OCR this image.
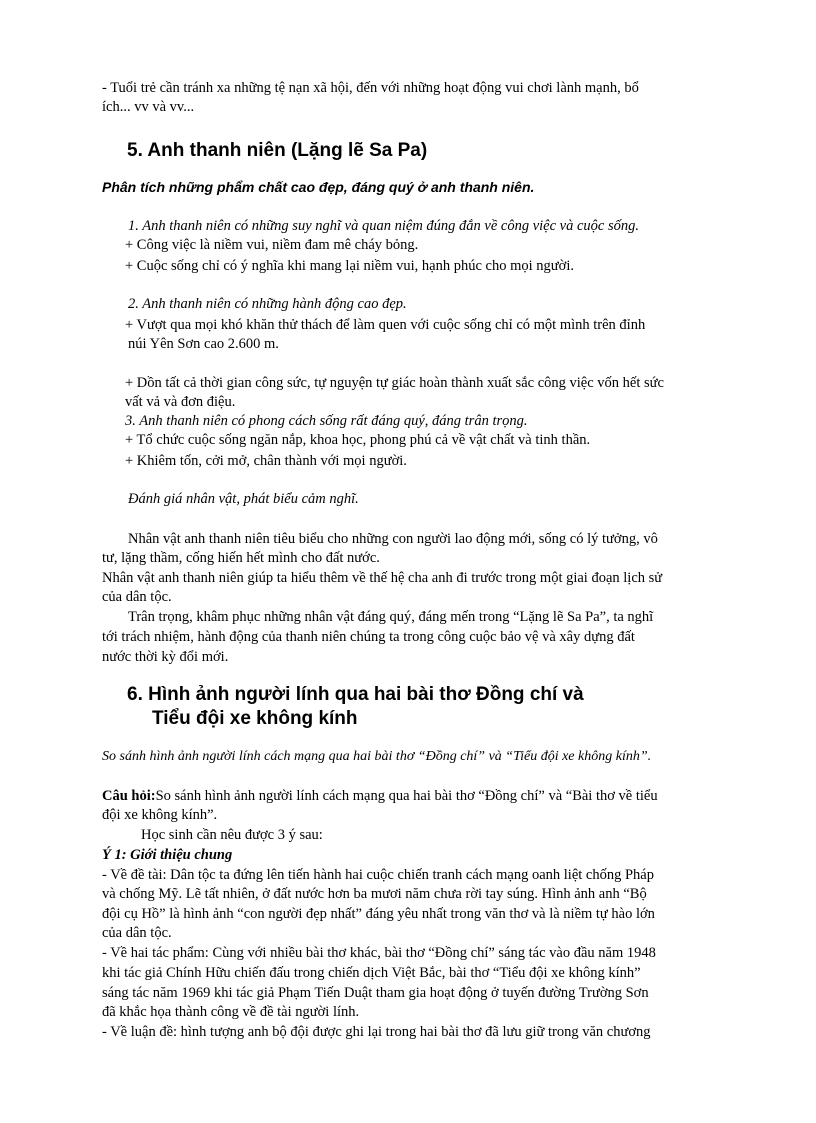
- Tuổi trẻ cần tránh xa những tệ nạn xã hội, đến với những hoạt động vui chơi lành mạnh, bổ
ích... vv và vv...
5. Anh thanh niên (Lặng lẽ Sa Pa)
Phân tích những phẩm chất cao đẹp, đáng quý ở anh thanh niên.
1. Anh thanh niên có những suy nghĩ và quan niệm đúng đắn về công việc và cuộc sống.
+ Công việc là niềm vui, niềm đam mê cháy bỏng.
+ Cuộc sống chỉ có ý nghĩa khi mang lại niềm vui, hạnh phúc cho mọi người.
2. Anh thanh niên có những hành động cao đẹp.
+ Vượt qua mọi khó khăn thử thách để làm quen với cuộc sống chỉ có một mình trên đỉnh
núi Yên Sơn cao 2.600 m.
+ Dồn tất cả thời gian công sức, tự nguyện tự giác hoàn thành xuất sắc công việc vốn hết sức
vất vả và đơn điệu.
3. Anh thanh niên có phong cách sống rất đáng quý, đáng trân trọng.
+ Tổ chức cuộc sống ngăn nắp, khoa học, phong phú cả về vật chất và tinh thần.
+ Khiêm tốn, cởi mở, chân thành với mọi người.
Đánh giá nhân vật, phát biểu cảm nghĩ.
Nhân vật anh thanh niên tiêu biểu cho những con người lao động mới, sống có lý tưởng, vô
tư, lặng thầm, cống hiến hết mình cho đất nước.
Nhân vật anh thanh niên giúp ta hiểu thêm về thế hệ cha anh đi trước trong một giai đoạn lịch sử
của dân tộc.
Trân trọng, khâm phục những nhân vật đáng quý, đáng mến trong “Lặng lẽ Sa Pa”, ta nghĩ
tới trách nhiệm, hành động của thanh niên chúng ta trong công cuộc bảo vệ và xây dựng đất
nước thời kỳ đổi mới.
6. Hình ảnh người lính qua hai bài thơ Đồng chí và
Tiểu đội xe không kính
So sánh hình ảnh người lính cách mạng qua hai bài thơ “Đồng chí” và “Tiểu đội xe không kính”.
Câu hỏi:So sánh hình ảnh người lính cách mạng qua hai bài thơ “Đồng chí” và “Bài thơ về tiểu
đội xe không kính”.
Học sinh cần nêu được 3 ý sau:
Ý 1: Giới thiệu chung
- Về đề tài: Dân tộc ta đứng lên tiến hành hai cuộc chiến tranh cách mạng oanh liệt chống Pháp
và chống Mỹ. Lẽ tất nhiên, ở đất nước hơn ba mươi năm chưa rời tay súng. Hình ảnh anh “Bộ
đội cụ Hồ” là hình ảnh “con người đẹp nhất” đáng yêu nhất trong văn thơ và là niềm tự hào lớn
của dân tộc.
- Về hai tác phẩm: Cùng với nhiều bài thơ khác, bài thơ “Đồng chí” sáng tác vào đầu năm 1948
khi tác giả Chính Hữu chiến đấu trong chiến dịch Việt Bắc, bài thơ “Tiểu đội xe không kính”
sáng tác năm 1969 khi tác giả Phạm Tiến Duật tham gia hoạt động ở tuyến đường Trường Sơn
đã khắc họa thành công về đề tài người lính.
- Về luận đề: hình tượng anh bộ đội được ghi lại trong hai bài thơ đã lưu giữ trong văn chương
